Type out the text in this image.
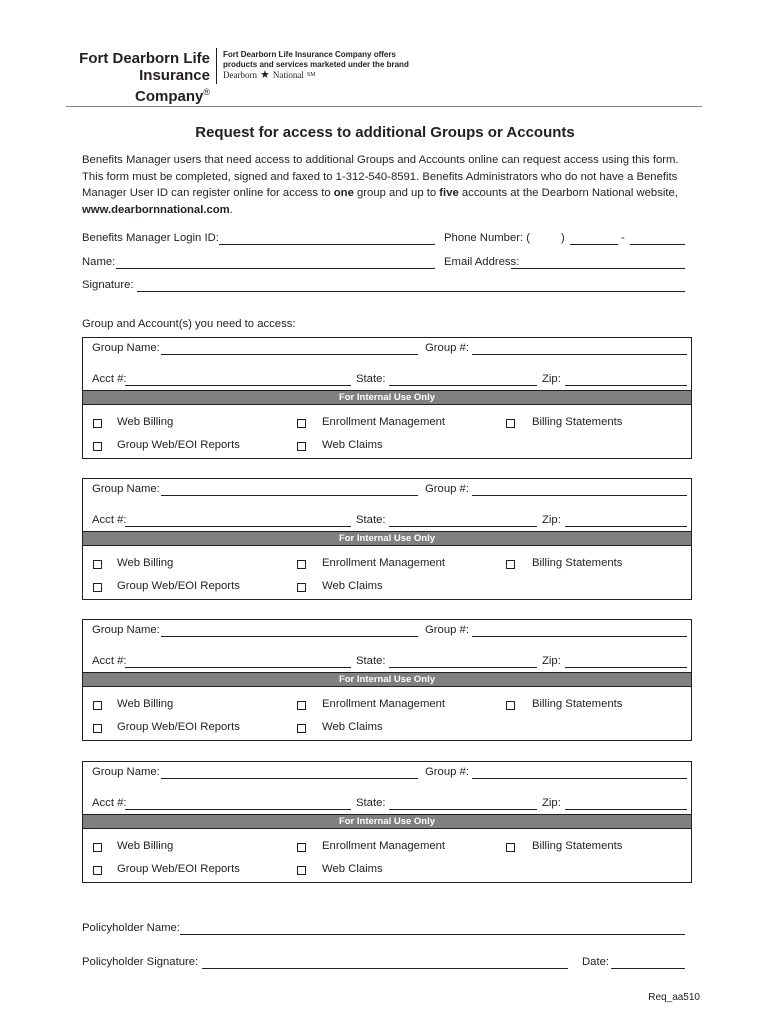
Fort Dearborn Life
Insurance Company®
Fort Dearborn Life Insurance Company offers
products and services marketed under the brand
Dearborn ★ National SM
Request for access to additional Groups or Accounts
Benefits Manager users that need access to additional Groups and Accounts online can request access using this form. This form must be completed, signed and faxed to 1-312-540-8591. Benefits Administrators who do not have a Benefits Manager User ID can register online for access to one group and up to five accounts at the Dearborn National website, www.dearbornnational.com.
Benefits Manager Login ID:	Phone Number: (	)	-
Name:	Email Address:
Signature:
Group and Account(s) you need to access:
Group Name:	Group #:
Acct #:	State:	Zip:
For Internal Use Only
Web Billing	Enrollment Management	Billing Statements
Group Web/EOI Reports	Web Claims
Group Name:	Group #:
Acct #:	State:	Zip:
For Internal Use Only
Web Billing	Enrollment Management	Billing Statements
Group Web/EOI Reports	Web Claims
Group Name:	Group #:
Acct #:	State:	Zip:
For Internal Use Only
Web Billing	Enrollment Management	Billing Statements
Group Web/EOI Reports	Web Claims
Group Name:	Group #:
Acct #:	State:	Zip:
For Internal Use Only
Web Billing	Enrollment Management	Billing Statements
Group Web/EOI Reports	Web Claims
Policyholder Name:
Policyholder Signature:	Date:
Req_aa510
